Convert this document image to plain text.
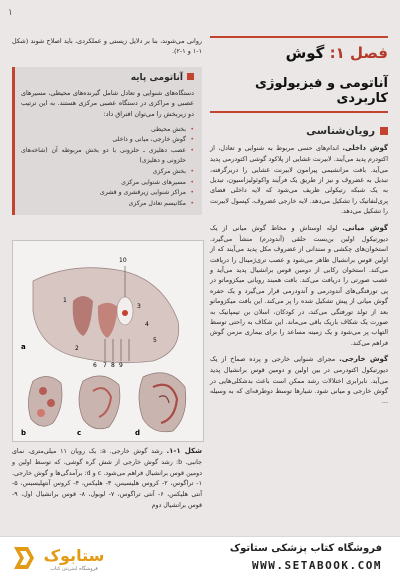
۱
فصل ۱: گوش
آناتومی و فیزیولوژی کاربردی
رویان‌شناسی

گوش داخلی. اندام‌های حسی مربوط به شنوایی و تعادل، از اکتودرم پدید می‌آیند. لابیرنت غشایی از پلاکود گوشی اکتودرمی پدید می‌آید. بافت مزانشیمی پیرامون لابیرنت غشایی را دربرگرفته، تبدیل به غضروف و نیز از طریق یک فرآیند واکوئولیزاسیون، تبدیل به یک شبکه رتیکولی ظریف می‌شود که لایه داخلی فضای پری‌لنفاتیک را تشکیل می‌دهد. لایه خارجی غضروف، کپسول لابیرنت را تشکیل می‌دهد.

گوش میانی. لوله اوستاش و مخاط گوش میانی از یک دیورتیکول اولین بن‌بست حلقی (آندودرم) منشأ می‌گیرد. استخوان‌های چکشی و سندانی از غضروف مکل پدید می‌آیند که از اولین قوس برانشیال ظاهر می‌شود و عصب تری‌ژمینال را دریافت می‌کند. استخوان رکابی از دومین قوس برانشیال پدید می‌آید و عصب صورتی را دریافت می‌کند. بافت همبند رویانی میکزوماتو در پی تورفتگی‌های آندودرمی و آندودرمی قرار می‌گیرد و یک حفره گوش میانی از پیش تشکیل شده را پر می‌کند. این بافت میکزوماتو بعد از تولد تورفتگی می‌کند، در کودکان، اسلان بن تیمپانیک به صورت یک شکاف باریک باقی می‌ماند. این شکاف به راحتی توسط التهاب پر می‌شود و یک زمینه مساعد را برای بیماری مزمن گوش فراهم می‌کند.

گوش خارجی. مجرای شنوایی خارجی و پرده صماخ از یک دیورتیکول اکتودرمی در بین اولین و دومین قوس برانشیال پدید می‌آید. نابرابری اختلالات رشد ممکن است باعث بدشکلی‌هایی در گوش خارجی و میانی شود. شیارها توسط دوطرفه‌ای که به وسیله ...

روانی می‌شوند، بنا بر دلایل زیستی و عملکردی، باید اصلاح شوند (شکل ۱-۱ و ۱-۲).

آناتومی پایه

دستگاه‌های شنوایی و تعادل شامل گیرنده‌های محیطی، مسیرهای عصبی و مراکزی در دستگاه عصبی مرکزی هستند. به این ترتیب دو زیربخش را می‌توان افتراق داد:

• بخش محیطی
• گوش خارجی، میانی و داخلی
• عصب دهلیزی ـ حلزونی با دو بخش مربوطه آن (شاخه‌های حلزونی و دهلیزی)
• بخش مرکزی
• مسیرهای شنوایی مرکزی
• مراکز شنوایی زیرقشری و قشری
• مکانیسم تعادل مرکزی
a
b	c	d
10
1
2
3
4
5
6 7 8 9

شکل ۱-۱. رشد گوش خارجی. a: یک رویان ۱۱ میلی‌متری، نمای جانبی. b: رشد گوش خارجی از شش گره گوشی، که توسط اولین و دومین قوس برانشیال فراهم می‌شود. c و d: برآمدگی‌ها و گوش خارجی. ۱- تراگوس، ۲- کروس هلیسیس، ۳- هلیکس، ۴- کروس آنتهلیسیس، ۵- آنتی هلیکس، ۶- آنتی تراگوس، ۷- لوبول، ۸- قوس برانشیال اول، ۹- قوس برانشیال دوم

ستابوک
فروشگاه اینترنتی کتاب
فروشگاه کتاب پزشکی ستاتوک
WWW.SETABOOK.COM
